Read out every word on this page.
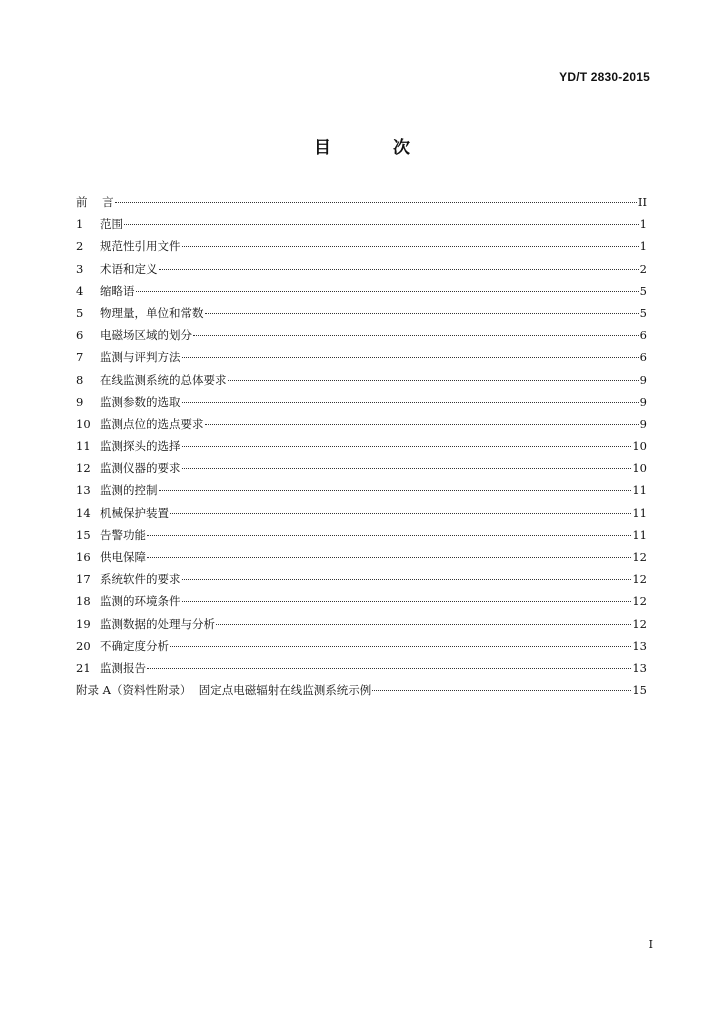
YD/T 2830-2015
目 次
前    言	II
1	范围	1
2	规范性引用文件	1
3	术语和定义	2
4	缩略语	5
5	物理量，单位和常数	5
6	电磁场区域的划分	6
7	监测与评判方法	6
8	在线监测系统的总体要求	9
9	监测参数的选取	9
10 监测点位的选点要求	9
11 监测探头的选择	10
12 监测仪器的要求	10
13 监测的控制	11
14 机械保护装置	11
15 告警功能	11
16 供电保障	12
17 系统软件的要求	12
18 监测的环境条件	12
19 监测数据的处理与分析	12
20 不确定度分析	13
21 监测报告	13
附录 A（资料性附录）  固定点电磁辐射在线监测系统示例	15
I
